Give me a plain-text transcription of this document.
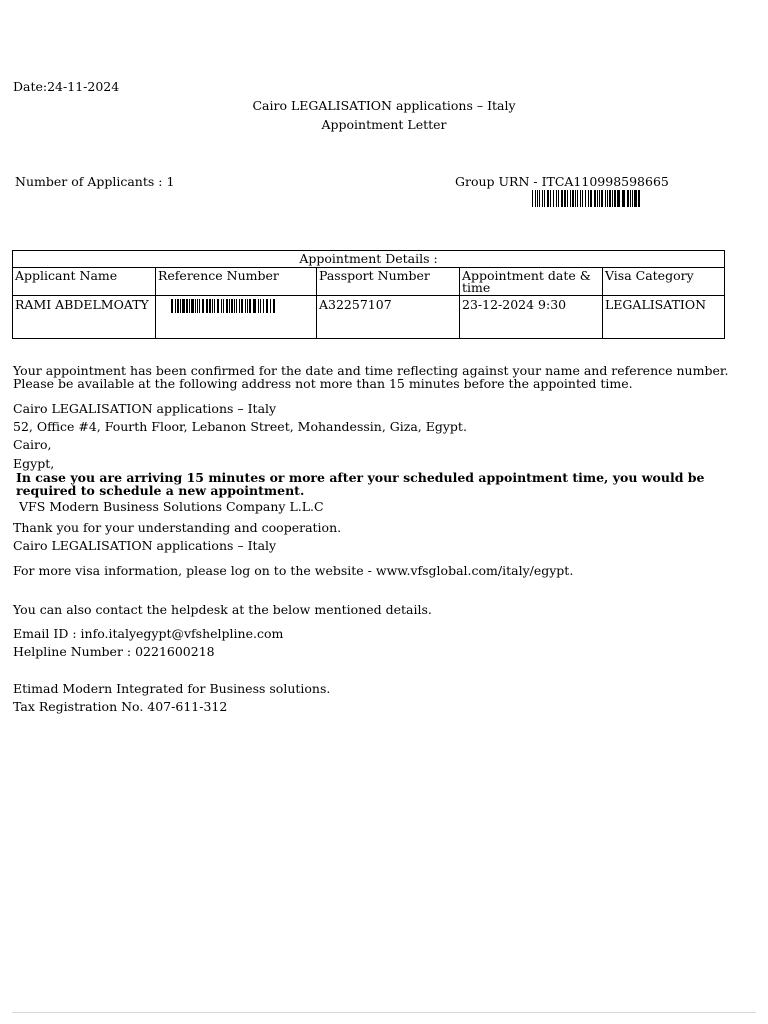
Date:24-11-2024
Cairo LEGALISATION applications – Italy
Appointment Letter
Number of Applicants : 1	Group URN - ITCA110998598665
Appointment Details :				
Applicant Name	Reference Number	Passport Number	Appointment date & time	Visa Category
RAMI ABDELMOATY		A32257107	23-12-2024 9:30	LEGALISATION
Your appointment has been confirmed for the date and time reflecting against your name and reference number. Please be available at the following address not more than 15 minutes before the appointed time.
Cairo LEGALISATION applications – Italy
52, Office #4, Fourth Floor, Lebanon Street, Mohandessin, Giza, Egypt.
Cairo,
Egypt,
In case you are arriving 15 minutes or more after your scheduled appointment time, you would be required to schedule a new appointment.
VFS Modern Business Solutions Company L.L.C
Thank you for your understanding and cooperation.
Cairo LEGALISATION applications – Italy
For more visa information, please log on to the website - www.vfsglobal.com/italy/egypt.
You can also contact the helpdesk at the below mentioned details.
Email ID : info.italyegypt@vfshelpline.com
Helpline Number : 0221600218
Etimad Modern Integrated for Business solutions.
Tax Registration No. 407-611-312
